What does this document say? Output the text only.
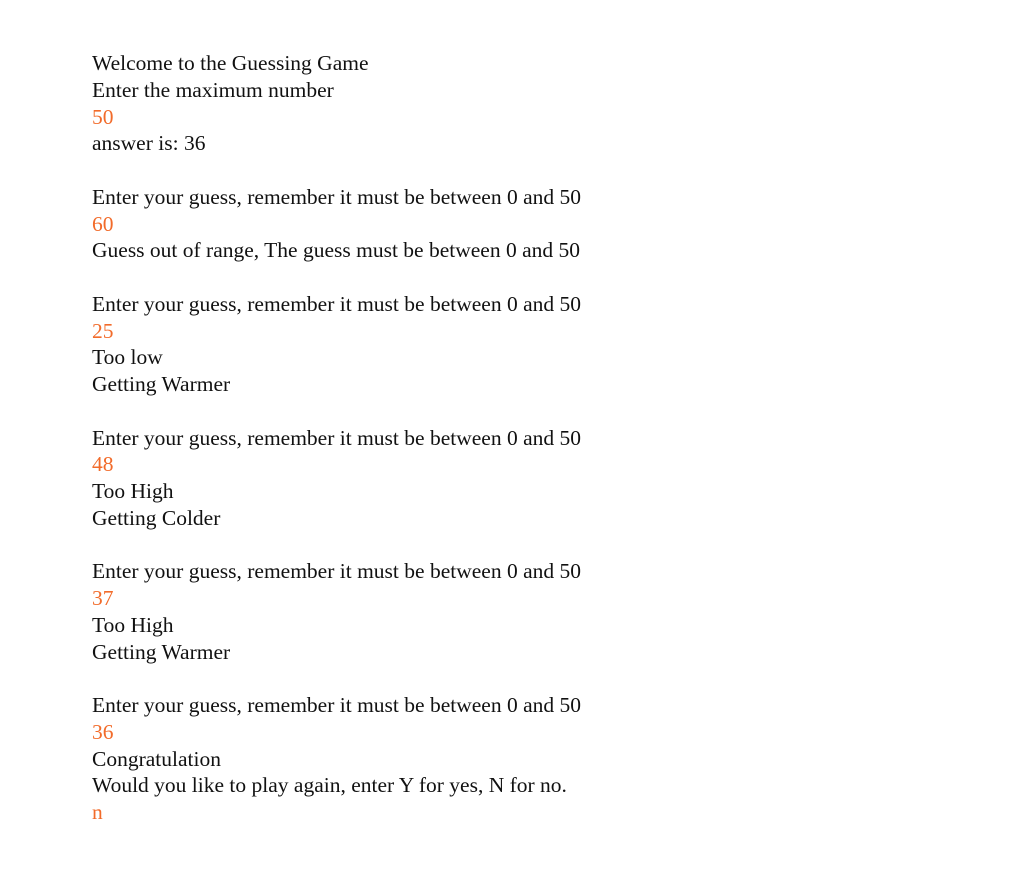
Welcome to the Guessing Game
Enter the maximum number
50
answer is: 36
Enter your guess, remember it must be between 0 and 50
60
Guess out of range, The guess must be between 0 and 50
Enter your guess, remember it must be between 0 and 50
25
Too low
Getting Warmer
Enter your guess, remember it must be between 0 and 50
48
Too High
Getting Colder
Enter your guess, remember it must be between 0 and 50
37
Too High
Getting Warmer
Enter your guess, remember it must be between 0 and 50
36
Congratulation
Would you like to play again, enter Y for yes, N for no.
n
